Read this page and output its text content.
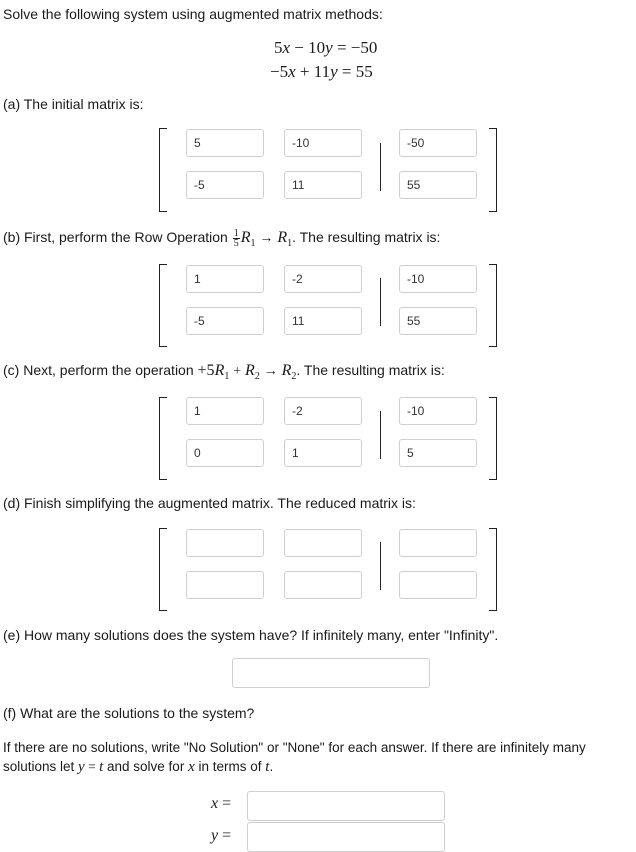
Solve the following system using augmented matrix methods:
5x − 10y = −50
−5x + 11y = 55
(a) The initial matrix is:
5
-10
-50
-5
11
55
(b) First, perform the Row Operation $\frac{1}{5} R_1 \to R_1$. The resulting matrix is:
1
-2
-10
-5
11
55
(c) Next, perform the operation $+5R_1 + R_2 \to R_2$. The resulting matrix is:
1
-2
-10
0
1
5
(d) Finish simplifying the augmented matrix. The reduced matrix is:
(e) How many solutions does the system have? If infinitely many, enter "Infinity".
(f) What are the solutions to the system?
If there are no solutions, write "No Solution" or "None" for each answer. If there are infinitely many
solutions let y = t and solve for x in terms of t.
x =
y =
